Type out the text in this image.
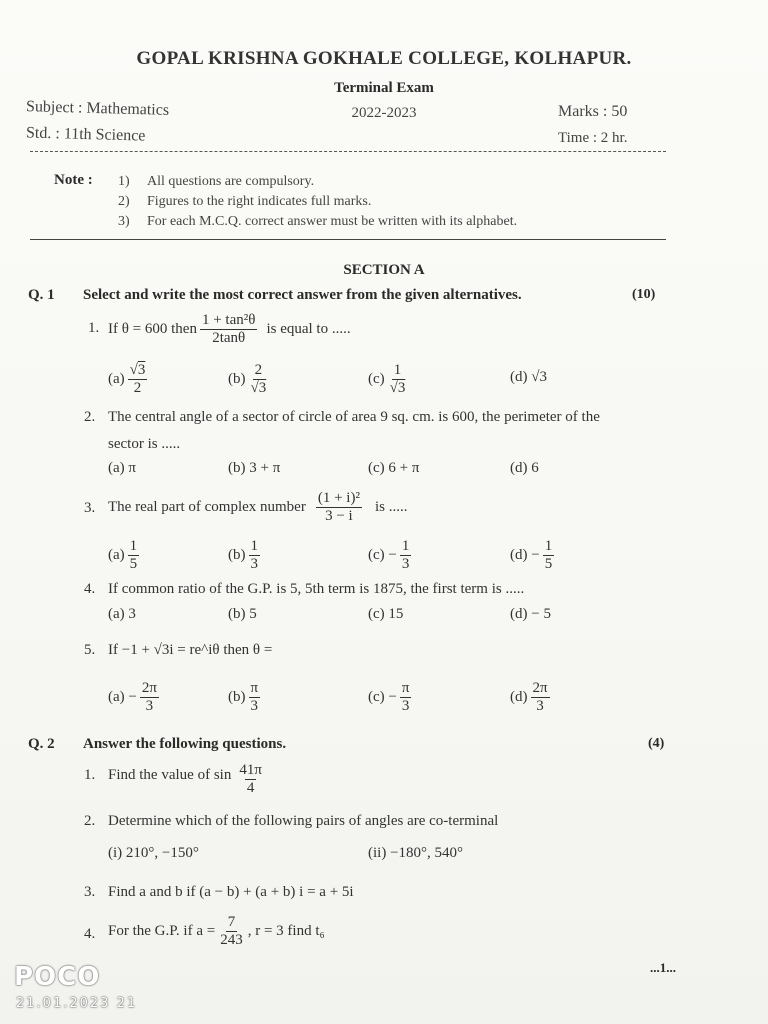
GOPAL KRISHNA GOKHALE COLLEGE, KOLHAPUR.
Terminal Exam
2022-2023
Subject : Mathematics
Std. : 11th Science
Marks : 50
Time : 2 hr.
Note : 1) All questions are compulsory.
2) Figures to the right indicates full marks.
3) For each M.C.Q. correct answer must be written with its alphabet.
SECTION A
Q. 1 Select and write the most correct answer from the given alternatives.	(10)
1. If θ = 600 then $\frac{\text{1 + tan²θ}}{2\tan\theta}$ is equal to .....
$(a) \frac{√3}{2}$	$(b) \frac{2}{√3}$	$(c) \frac{1}{√3}$	(d) √3
2. The central angle of a sector of circle of area 9 sq. cm. is 600, the perimeter of the
sector is .....
(a) π	(b) 3 + π	(c) 6 + π	(d) 6
3. The real part of complex number $\frac{\text{(1 + i)²}}{3 - i}$ is .....
$(a) \frac{1}{5}$	$(b) \frac{1}{3}$	$(c) - \frac{1}{3}$	$(d) - \frac{1}{5}$
4. If common ratio of the G.P. is 5, 5th term is 1875, the first term is .....
(a) 3	(b) 5	(c) 15	(d) − 5
5. If −1 + √3i = re^iθ then θ =
$(a) - \frac{2\pi}{3}$	$(b) \frac{\pi}{3}$	$(c) - \frac{\pi}{3}$	$(d) \frac{2\pi}{3}$
Q. 2 Answer the following questions.	(4)
1. Find the value of $\sin \frac{41\pi}{4}$
2. Determine which of the following pairs of angles are co-terminal
(i) 210°, −150°	(ii) −180°, 540°
3. Find a and b if (a − b) + (a + b) i = a + 5i
4. For the G.P. if $a = \frac{7}{243}$ , r = 3 find t₆
...1...
POCO
21.01.2023 21
